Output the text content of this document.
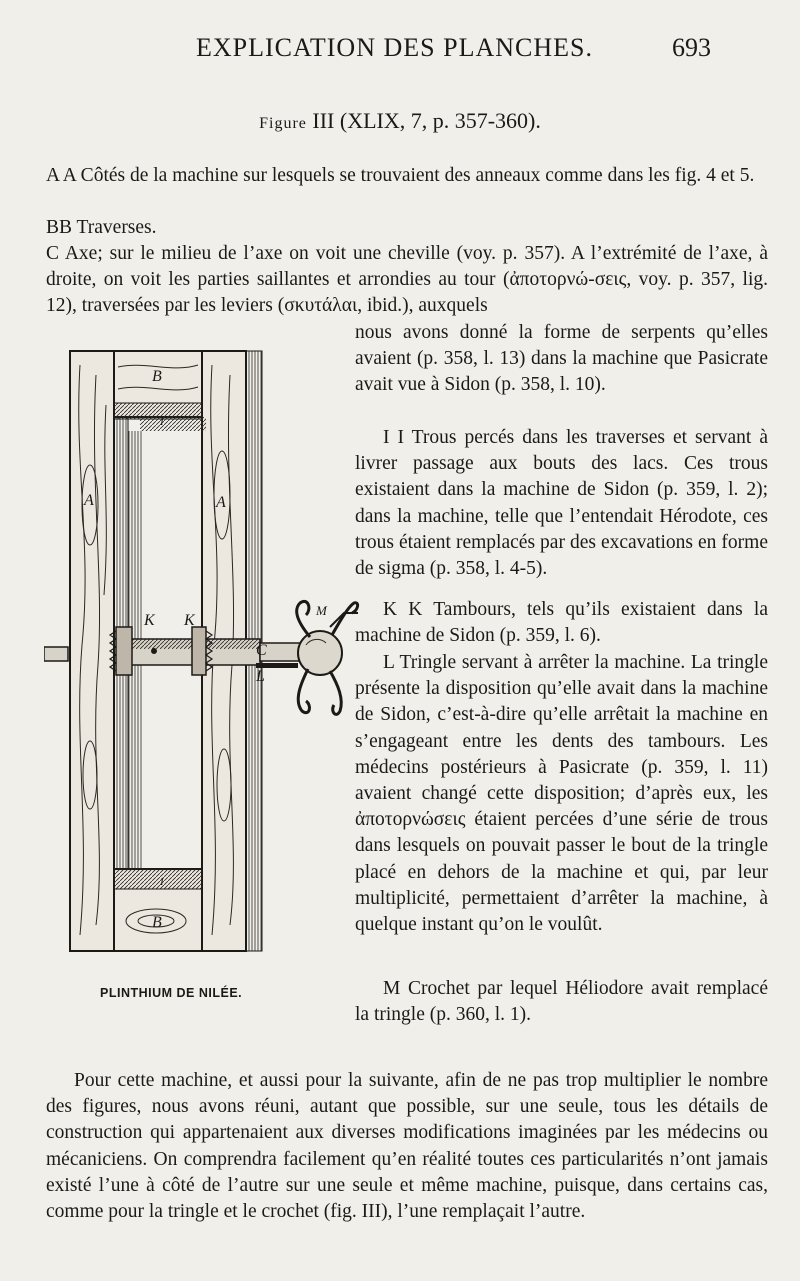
EXPLICATION DES PLANCHES.	693
Figure III (XLIX, 7, p. 357-360).
A A Côtés de la machine sur lesquels se trouvaient des anneaux comme dans les fig. 4 et 5.
BB Traverses.
C Axe; sur le milieu de l’axe on voit une cheville (voy. p. 357). A l’extrémité de l’axe, à droite, on voit les parties saillantes et arrondies au tour (ἀποτορνώ-σεις, voy. p. 357, lig. 12), traversées par les leviers (σκυτάλαι, ibid.), auxquels
nous avons donné la forme de serpents qu’elles avaient (p. 358, l. 13) dans la machine que Pasicrate avait vue à Sidon (p. 358, l. 10).
I I Trous percés dans les traverses et servant à livrer passage aux bouts des lacs. Ces trous existaient dans la machine de Sidon (p. 359, l. 2); dans la machine, telle que l’entendait Hérodote, ces trous étaient remplacés par des excavations en forme de sigma (p. 358, l. 4-5).
K K Tambours, tels qu’ils existaient dans la machine de Sidon (p. 359, l. 6).
L Tringle servant à arrêter la machine. La tringle présente la disposition qu’elle avait dans la machine de Sidon, c’est-à-dire qu’elle arrêtait la machine en s’engageant entre les dents des tambours. Les médecins postérieurs à Pasicrate (p. 359, l. 11) avaient changé cette disposition; d’après eux, les ἀποτορνώσεις étaient percées d’une série de trous dans lesquels on pouvait passer le bout de la tringle placé en dehors de la machine et qui, par leur multiplicité, permettaient d’arrêter la machine, à quelque instant qu’on le voulût.
M Crochet par lequel Héliodore avait remplacé la tringle (p. 360, l. 1).
B
B
A	A
K K
C
L
M
I
I
PLINTHIUM DE NILÉE.
Pour cette machine, et aussi pour la suivante, afin de ne pas trop multiplier le nombre des figures, nous avons réuni, autant que possible, sur une seule, tous les détails de construction qui appartenaient aux diverses modifications imaginées par les médecins ou mécaniciens. On comprendra facilement qu’en réalité toutes ces particularités n’ont jamais existé l’une à côté de l’autre sur une seule et même machine, puisque, dans certains cas, comme pour la tringle et le crochet (fig. III), l’une remplaçait l’autre.
